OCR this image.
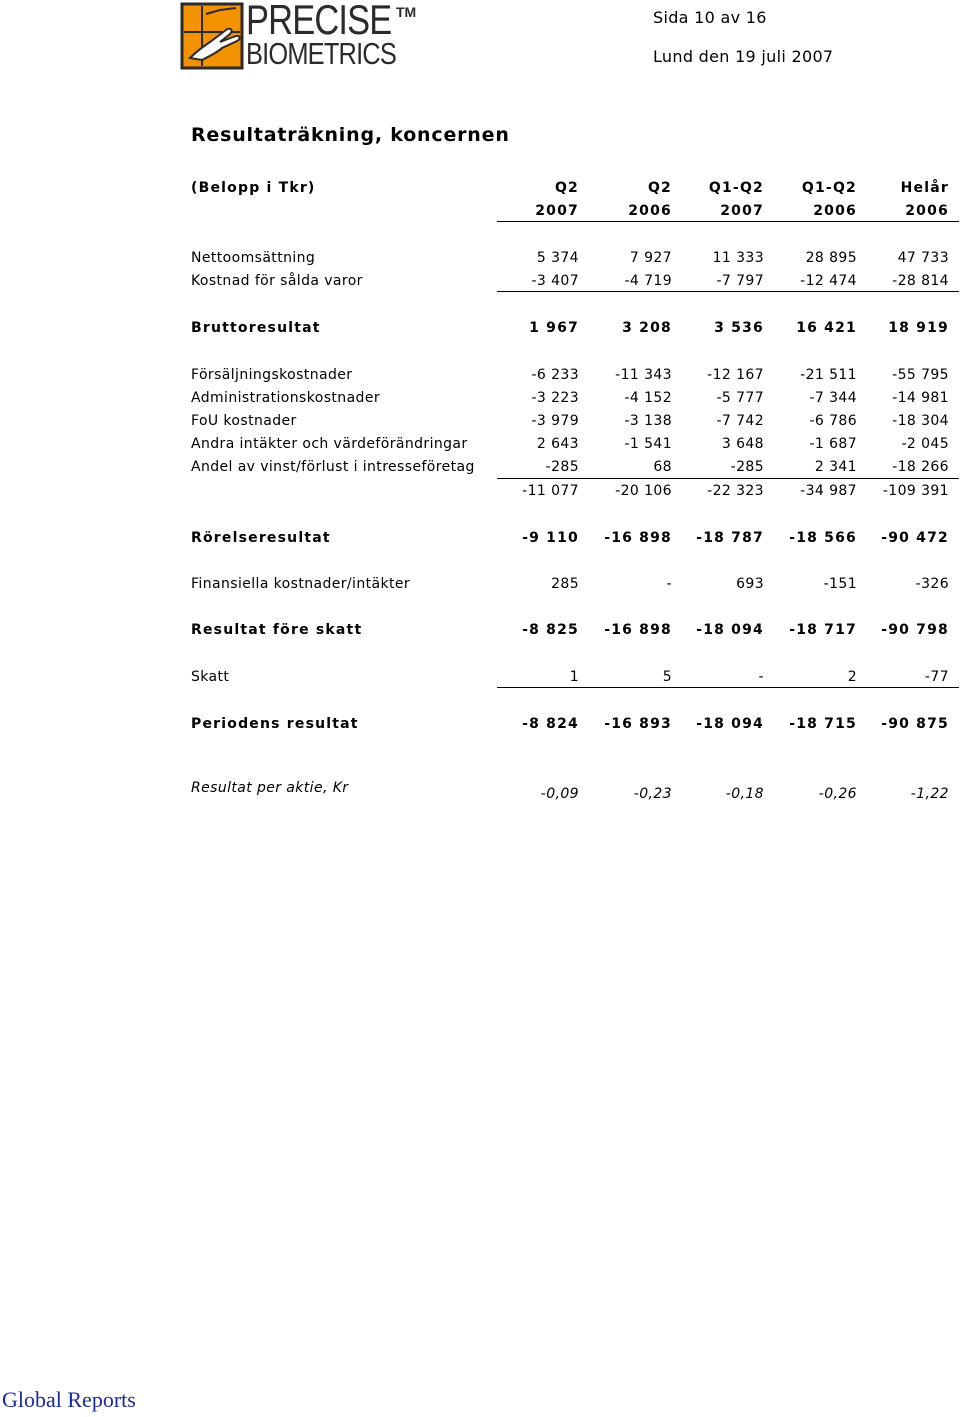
PRECISE
BIOMETRICS
TM	Sida 10 av 16
Lund den 19 juli 2007
Resultaträkning, koncernen
(Belopp i Tkr)	Q2	Q2	Q1-Q2	Q1-Q2	Helår
2007	2006	2007	2006	2006
Nettoomsättning	5 374	7 927	11 333	28 895	47 733
Kostnad för sålda varor	-3 407	-4 719	-7 797	-12 474	-28 814
Bruttoresultat	1 967	3 208	3 536	16 421	18 919
Försäljningskostnader	-6 233	-11 343	-12 167	-21 511	-55 795
Administrationskostnader	-3 223	-4 152	-5 777	-7 344	-14 981
FoU kostnader	-3 979	-3 138	-7 742	-6 786	-18 304
Andra intäkter och värdeförändringar	2 643	-1 541	3 648	-1 687	-2 045
Andel av vinst/förlust i intresseföretag	-285	68	-285	2 341	-18 266
-11 077	-20 106	-22 323	-34 987	-109 391
Rörelseresultat	-9 110	-16 898	-18 787	-18 566	-90 472
Finansiella kostnader/intäkter	285	-	693	-151	-326
Resultat före skatt	-8 825	-16 898	-18 094	-18 717	-90 798
Skatt	1	5	-	2	-77
Periodens resultat	-8 824	-16 893	-18 094	-18 715	-90 875
Resultat per aktie, Kr	-0,09	-0,23	-0,18	-0,26	-1,22
Global Reports
